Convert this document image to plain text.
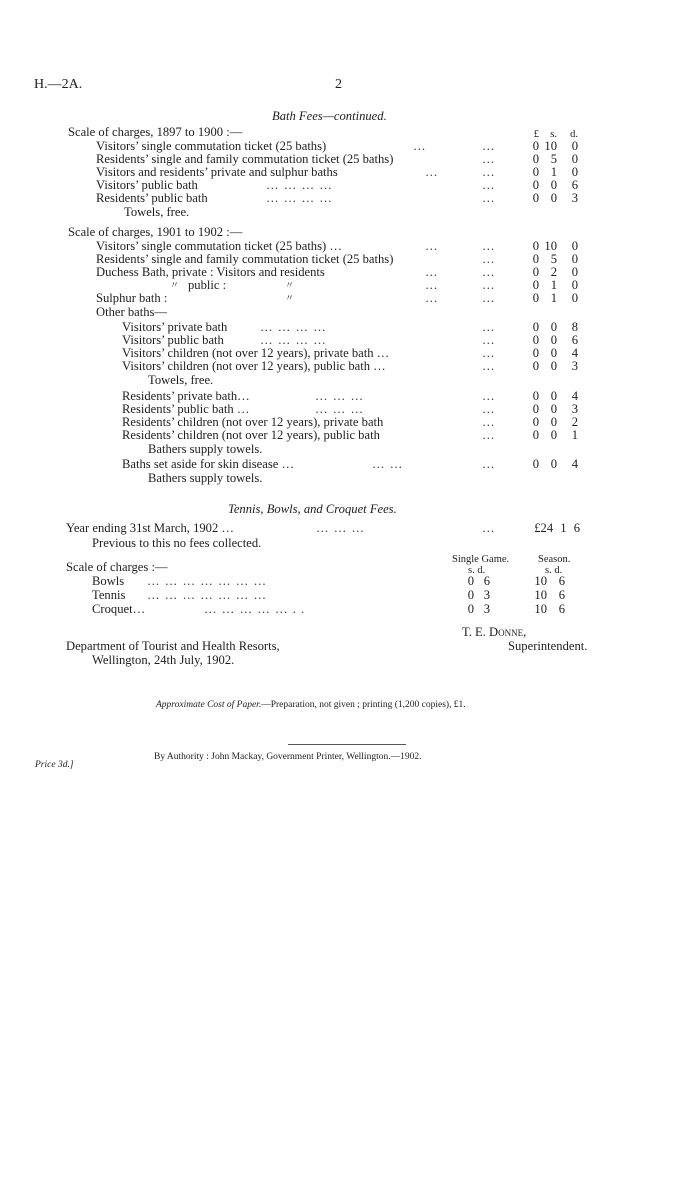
H.—2A.	2
Bath Fees—continued.
£	s.	d.
Scale of charges, 1897 to 1900 :—
Visitors’ single commutation ticket (25 baths)	…	…	0 10	0
Residents’ single and family commutation ticket (25 baths)	…	0 5	0
Visitors and residents’ private and sulphur baths	…	…	0 1	0
Visitors’ public bath	… … … …	…	0 0	6
Residents’ public bath	… … … …	…	0 0	3
Towels, free.
Scale of charges, 1901 to 1902 :—
Visitors’ single commutation ticket (25 baths) …	…	…	0 10	0
Residents’ single and family commutation ticket (25 baths)	…	0 5	0
Duchess Bath, private : Visitors and residents	…	…	0 2	0
〃 public :	〃	…	…	0 1	0
Sulphur bath :	〃	…	…	0 1	0
Other baths—
Visitors’ private bath	… … … …	…	0 0	8
Visitors’ public bath	… … … …	…	0 0	6
Visitors’ children (not over 12 years), private bath …	…	0 0	4
Visitors’ children (not over 12 years), public bath …	…	0 0	3
Towels, free.
Residents’ private bath…	… … …	…	0 0	4
Residents’ public bath …	… … …	…	0 0	3
Residents’ children (not over 12 years), private bath	…	0 0	2
Residents’ children (not over 12 years), public bath	…	0 0	1
Bathers supply towels.
Baths set aside for skin disease …	… …	…	0 0	4
Bathers supply towels.
Tennis, Bowls, and Croquet Fees.
Year ending 31st March, 1902 …	… … …	…	£24 1 6
Previous to this no fees collected.
Single Game.	Season.
s. d.	s. d.
Scale of charges :—
Bowls … … … … … … …	0 6	10 6
Tennis … … … … … … …	0 3	10 6
Croquet…	… … … … … . .	0 3	10 6
T. E. Donne,
Department of Tourist and Health Resorts,	Superintendent.
Wellington, 24th July, 1902.
Approximate Cost of Paper.—Preparation, not given ; printing (1,200 copies), £1.
By Authority : John Mackay, Government Printer, Wellington.—1902.
Price 3d.]
